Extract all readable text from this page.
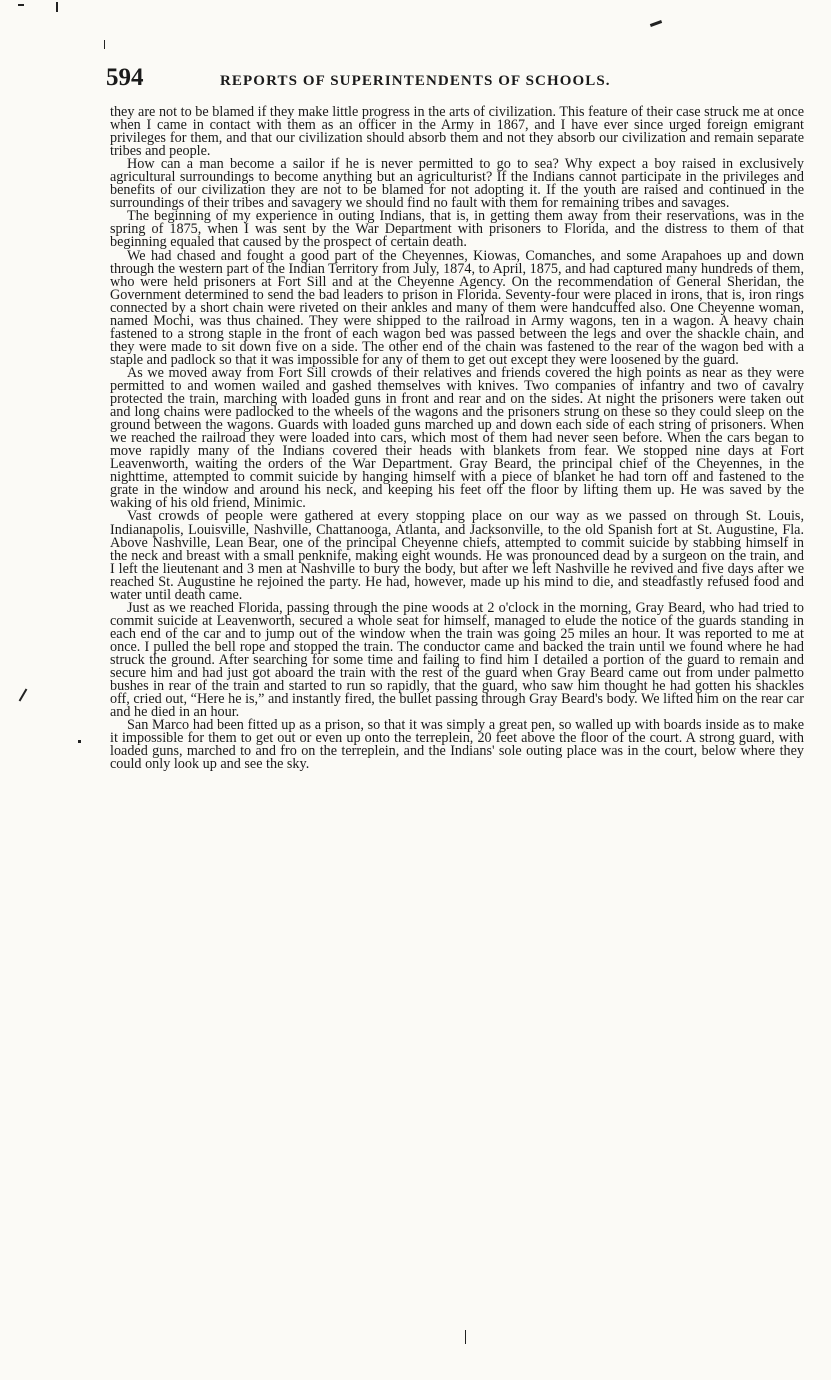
594	REPORTS OF SUPERINTENDENTS OF SCHOOLS.

they are not to be blamed if they make little progress in the arts of civilization. This feature of their case struck me at once when I came in contact with them as an officer in the Army in 1867, and I have ever since urged foreign emigrant privileges for them, and that our civilization should absorb them and not they absorb our civilization and remain separate tribes and people.

How can a man become a sailor if he is never permitted to go to sea? Why expect a boy raised in exclusively agricultural surroundings to become anything but an agriculturist? If the Indians cannot participate in the privileges and benefits of our civilization they are not to be blamed for not adopting it. If the youth are raised and continued in the surroundings of their tribes and savagery we should find no fault with them for remaining tribes and savages.

The beginning of my experience in outing Indians, that is, in getting them away from their reservations, was in the spring of 1875, when I was sent by the War Department with prisoners to Florida, and the distress to them of that beginning equaled that caused by the prospect of certain death.

We had chased and fought a good part of the Cheyennes, Kiowas, Comanches, and some Arapahoes up and down through the western part of the Indian Territory from July, 1874, to April, 1875, and had captured many hundreds of them, who were held prisoners at Fort Sill and at the Cheyenne Agency. On the recommendation of General Sheridan, the Government determined to send the bad leaders to prison in Florida. Seventy-four were placed in irons, that is, iron rings connected by a short chain were riveted on their ankles and many of them were handcuffed also. One Cheyenne woman, named Mochi, was thus chained. They were shipped to the railroad in Army wagons, ten in a wagon. A heavy chain fastened to a strong staple in the front of each wagon bed was passed between the legs and over the shackle chain, and they were made to sit down five on a side. The other end of the chain was fastened to the rear of the wagon bed with a staple and padlock so that it was impossible for any of them to get out except they were loosened by the guard.

As we moved away from Fort Sill crowds of their relatives and friends covered the high points as near as they were permitted to and women wailed and gashed themselves with knives. Two companies of infantry and two of cavalry protected the train, marching with loaded guns in front and rear and on the sides. At night the prisoners were taken out and long chains were padlocked to the wheels of the wagons and the prisoners strung on these so they could sleep on the ground between the wagons. Guards with loaded guns marched up and down each side of each string of prisoners. When we reached the railroad they were loaded into cars, which most of them had never seen before. When the cars began to move rapidly many of the Indians covered their heads with blankets from fear. We stopped nine days at Fort Leavenworth, waiting the orders of the War Department. Gray Beard, the principal chief of the Cheyennes, in the nighttime, attempted to commit suicide by hanging himself with a piece of blanket he had torn off and fastened to the grate in the window and around his neck, and keeping his feet off the floor by lifting them up. He was saved by the waking of his old friend, Minimic.

Vast crowds of people were gathered at every stopping place on our way as we passed on through St. Louis, Indianapolis, Louisville, Nashville, Chattanooga, Atlanta, and Jacksonville, to the old Spanish fort at St. Augustine, Fla. Above Nashville, Lean Bear, one of the principal Cheyenne chiefs, attempted to commit suicide by stabbing himself in the neck and breast with a small penknife, making eight wounds. He was pronounced dead by a surgeon on the train, and I left the lieutenant and 3 men at Nashville to bury the body, but after we left Nashville he revived and five days after we reached St. Augustine he rejoined the party. He had, however, made up his mind to die, and steadfastly refused food and water until death came.

Just as we reached Florida, passing through the pine woods at 2 o'clock in the morning, Gray Beard, who had tried to commit suicide at Leavenworth, secured a whole seat for himself, managed to elude the notice of the guards standing in each end of the car and to jump out of the window when the train was going 25 miles an hour. It was reported to me at once. I pulled the bell rope and stopped the train. The conductor came and backed the train until we found where he had struck the ground. After searching for some time and failing to find him I detailed a portion of the guard to remain and secure him and had just got aboard the train with the rest of the guard when Gray Beard came out from under palmetto bushes in rear of the train and started to run so rapidly, that the guard, who saw him thought he had gotten his shackles off, cried out, “Here he is,” and instantly fired, the bullet passing through Gray Beard's body. We lifted him on the rear car and he died in an hour.

San Marco had been fitted up as a prison, so that it was simply a great pen, so walled up with boards inside as to make it impossible for them to get out or even up onto the terreplein, 20 feet above the floor of the court. A strong guard, with loaded guns, marched to and fro on the terreplein, and the Indians' sole outing place was in the court, below where they could only look up and see the sky.
